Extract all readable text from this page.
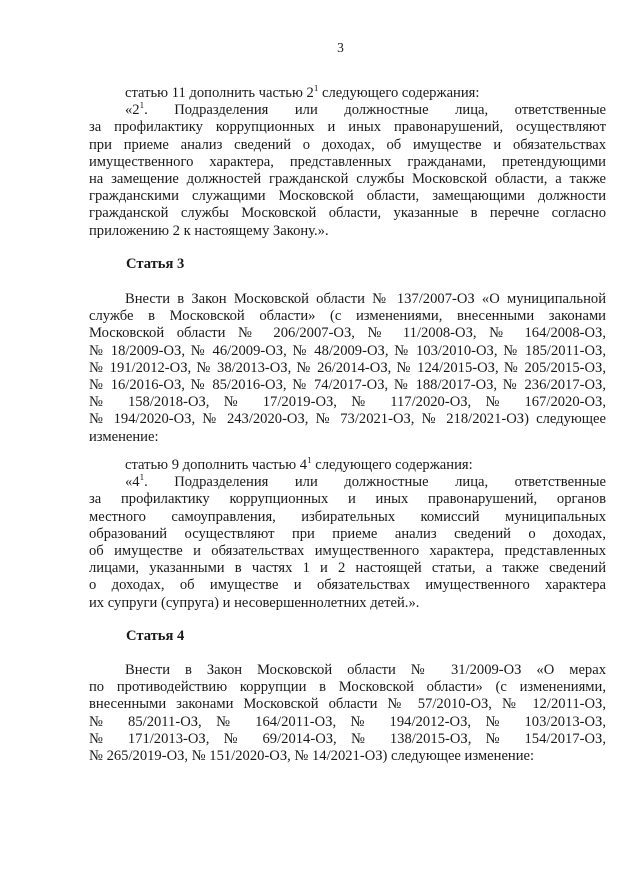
3
статью 11 дополнить частью $2^1$ следующего содержания:
«$2^1$. Подразделения или должностные лица, ответственные
за профилактику коррупционных и иных правонарушений, осуществляют
при приеме анализ сведений о доходах, об имуществе и обязательствах
имущественного характера, представленных гражданами, претендующими
на замещение должностей гражданской службы Московской области, а также
гражданскими служащими Московской области, замещающими должности
гражданской службы Московской области, указанные в перечне согласно
приложению 2 к настоящему Закону.».
Статья 3
Внести в Закон Московской области № 137/2007-ОЗ «О муниципальной
службе в Московской области» (с изменениями, внесенными законами
Московской области № 206/2007-ОЗ, № 11/2008-ОЗ, № 164/2008-ОЗ,
№ 18/2009-ОЗ, № 46/2009-ОЗ, № 48/2009-ОЗ, № 103/2010-ОЗ, № 185/2011-ОЗ,
№ 191/2012-ОЗ, № 38/2013-ОЗ, № 26/2014-ОЗ, № 124/2015-ОЗ, № 205/2015-ОЗ,
№ 16/2016-ОЗ, № 85/2016-ОЗ, № 74/2017-ОЗ, № 188/2017-ОЗ, № 236/2017-ОЗ,
№ 158/2018-ОЗ, № 17/2019-ОЗ, № 117/2020-ОЗ, № 167/2020-ОЗ,
№ 194/2020-ОЗ, № 243/2020-ОЗ, № 73/2021-ОЗ, № 218/2021-ОЗ) следующее
изменение:
статью 9 дополнить частью $4^1$ следующего содержания:
«$4^1$. Подразделения или должностные лица, ответственные
за профилактику коррупционных и иных правонарушений, органов
местного самоуправления, избирательных комиссий муниципальных
образований осуществляют при приеме анализ сведений о доходах,
об имуществе и обязательствах имущественного характера, представленных
лицами, указанными в частях 1 и 2 настоящей статьи, а также сведений
о доходах, об имуществе и обязательствах имущественного характера
их супруги (супруга) и несовершеннолетних детей.».
Статья 4
Внести в Закон Московской области № 31/2009-ОЗ «О мерах
по противодействию коррупции в Московской области» (с изменениями,
внесенными законами Московской области № 57/2010-ОЗ, № 12/2011-ОЗ,
№ 85/2011-ОЗ, № 164/2011-ОЗ, № 194/2012-ОЗ, № 103/2013-ОЗ,
№ 171/2013-ОЗ, № 69/2014-ОЗ, № 138/2015-ОЗ, № 154/2017-ОЗ,
№ 265/2019-ОЗ, № 151/2020-ОЗ, № 14/2021-ОЗ) следующее изменение:
